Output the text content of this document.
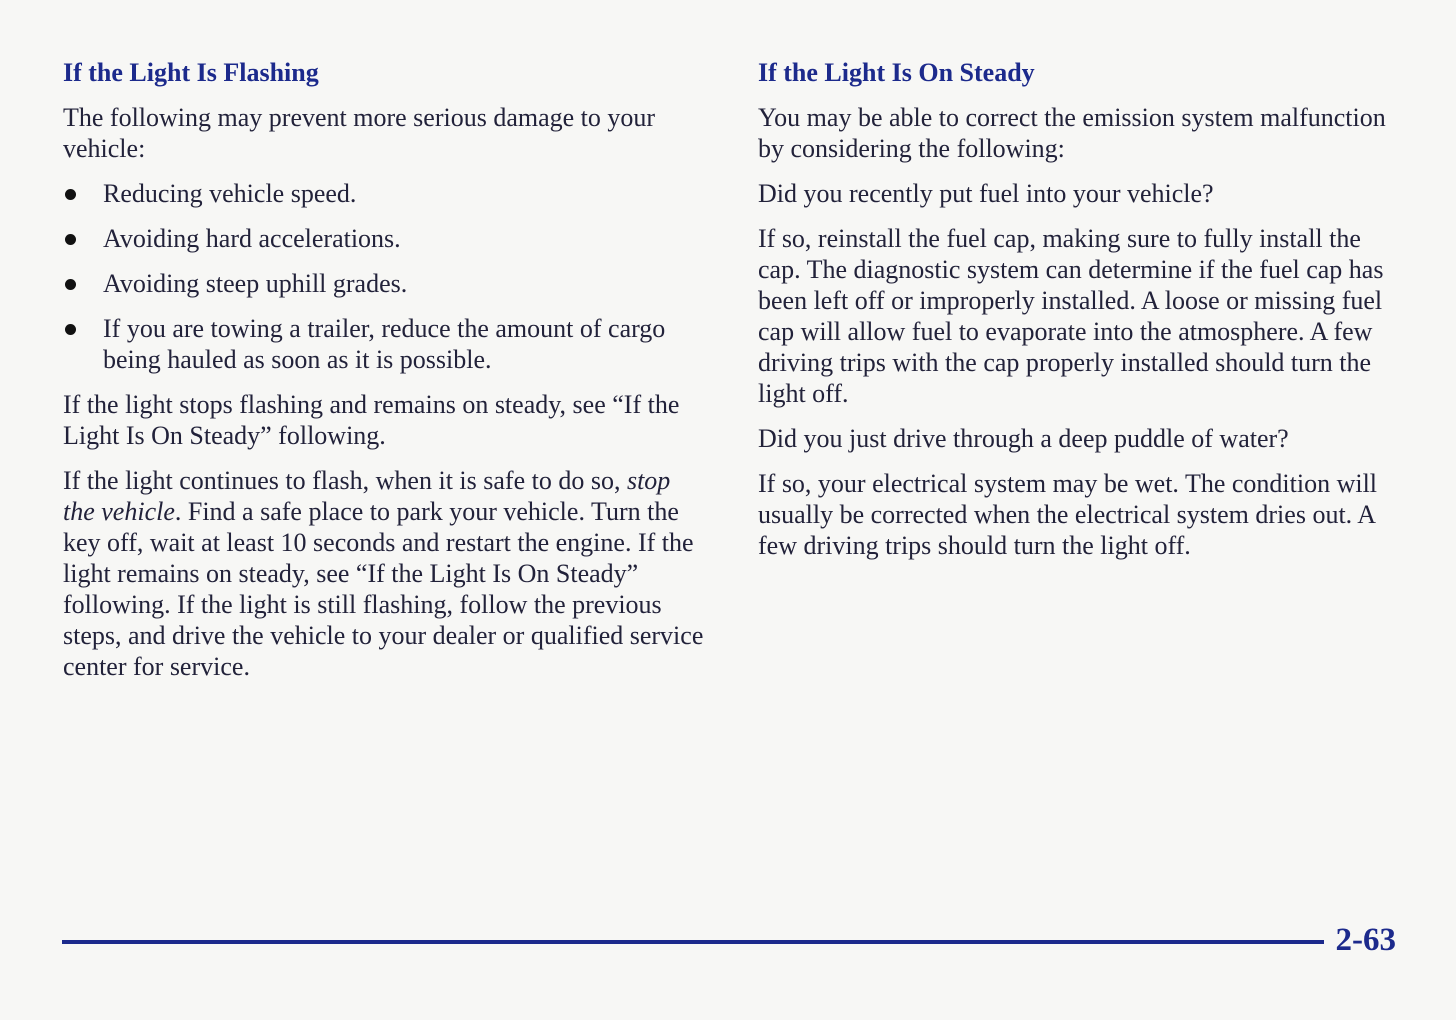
If the Light Is Flashing

The following may prevent more serious damage to your vehicle:

Reducing vehicle speed.
Avoiding hard accelerations.
Avoiding steep uphill grades.
If you are towing a trailer, reduce the amount of cargo being hauled as soon as it is possible.

If the light stops flashing and remains on steady, see “If the Light Is On Steady” following.

If the light continues to flash, when it is safe to do so, stop the vehicle. Find a safe place to park your vehicle. Turn the key off, wait at least 10 seconds and restart the engine. If the light remains on steady, see “If the Light Is On Steady” following. If the light is still flashing, follow the previous steps, and drive the vehicle to your dealer or qualified service center for service.

If the Light Is On Steady

You may be able to correct the emission system malfunction by considering the following:

Did you recently put fuel into your vehicle?

If so, reinstall the fuel cap, making sure to fully install the cap. The diagnostic system can determine if the fuel cap has been left off or improperly installed. A loose or missing fuel cap will allow fuel to evaporate into the atmosphere. A few driving trips with the cap properly installed should turn the light off.

Did you just drive through a deep puddle of water?

If so, your electrical system may be wet. The condition will usually be corrected when the electrical system dries out. A few driving trips should turn the light off.

2-63
